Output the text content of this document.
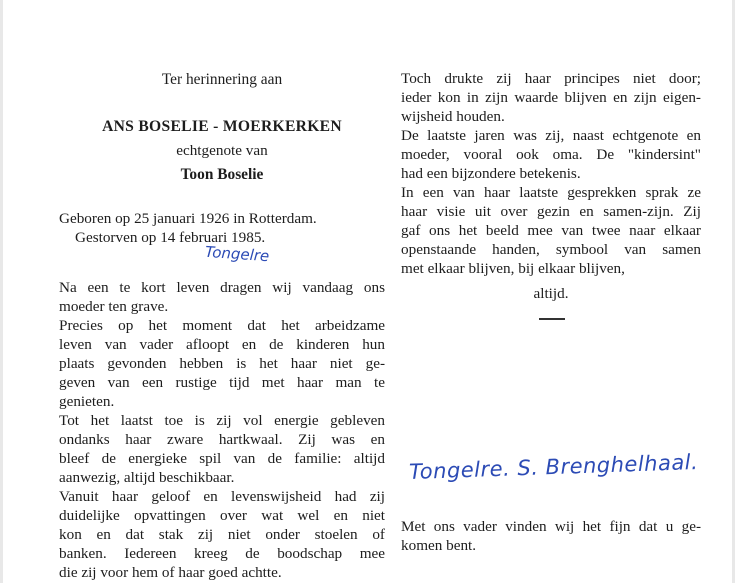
Ter herinnering aan
ANS BOSELIE - MOERKERKEN
echtgenote van
Toon Boselie
Geboren op 25 januari 1926 in Rotterdam.
Gestorven op 14 februari 1985.
Tongelre
Na een te kort leven dragen wij vandaag ons
moeder ten grave.
Precies op het moment dat het arbeidzame
leven van vader afloopt en de kinderen hun
plaats gevonden hebben is het haar niet ge-
geven van een rustige tijd met haar man te
genieten.
Tot het laatst toe is zij vol energie gebleven
ondanks haar zware hartkwaal. Zij was en
bleef de energieke spil van de familie: altijd
aanwezig, altijd beschikbaar.
Vanuit haar geloof en levenswijsheid had zij
duidelijke opvattingen over wat wel en niet
kon en dat stak zij niet onder stoelen of
banken. Iedereen kreeg de boodschap mee
die zij voor hem of haar goed achtte.
Toch drukte zij haar principes niet door;
ieder kon in zijn waarde blijven en zijn eigen-
wijsheid houden.
De laatste jaren was zij, naast echtgenote en
moeder, vooral ook oma. De "kindersint"
had een bijzondere betekenis.
In een van haar laatste gesprekken sprak ze
haar visie uit over gezin en samen-zijn. Zij
gaf ons het beeld mee van twee naar elkaar
openstaande handen, symbool van samen
met elkaar blijven, bij elkaar blijven,
altijd.
Tongelre. S. Brenghelhaal.
Met ons vader vinden wij het fijn dat u ge-
komen bent.
